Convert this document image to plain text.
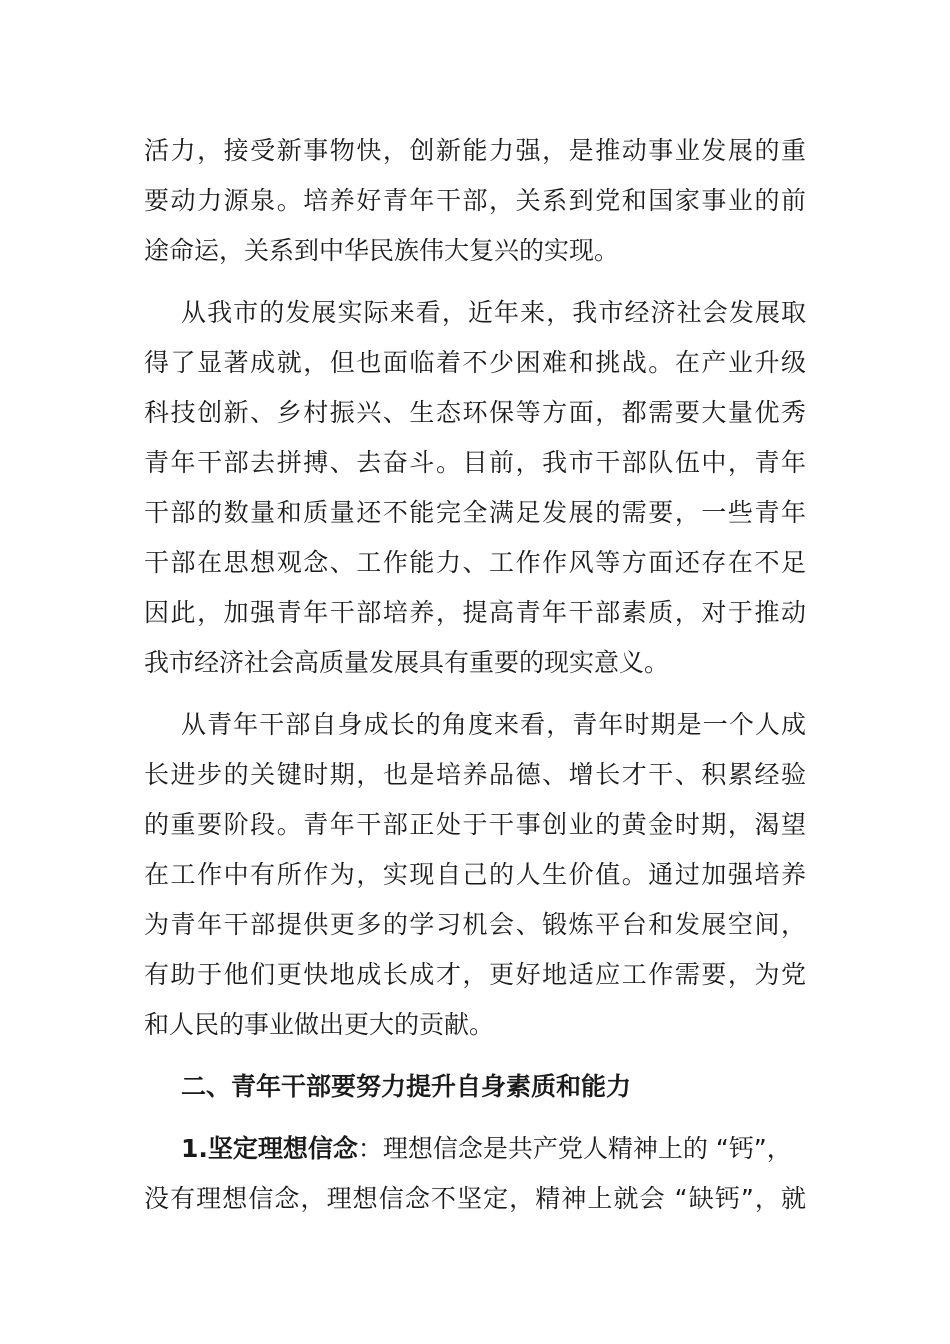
活力，接受新事物快，创新能力强，是推动事业发展的重
要动力源泉。培养好青年干部，关系到党和国家事业的前
途命运，关系到中华民族伟大复兴的实现。
从我市的发展实际来看，近年来，我市经济社会发展取
得了显著成就，但也面临着不少困难和挑战。在产业升级
科技创新、乡村振兴、生态环保等方面，都需要大量优秀
青年干部去拼搏、去奋斗。目前，我市干部队伍中，青年
干部的数量和质量还不能完全满足发展的需要，一些青年
干部在思想观念、工作能力、工作作风等方面还存在不足
因此，加强青年干部培养，提高青年干部素质，对于推动
我市经济社会高质量发展具有重要的现实意义。
从青年干部自身成长的角度来看，青年时期是一个人成
长进步的关键时期，也是培养品德、增长才干、积累经验
的重要阶段。青年干部正处于干事创业的黄金时期，渴望
在工作中有所作为，实现自己的人生价值。通过加强培养
为青年干部提供更多的学习机会、锻炼平台和发展空间，
有助于他们更快地成长成才，更好地适应工作需要，为党
和人民的事业做出更大的贡献。
二、青年干部要努力提升自身素质和能力
1.坚定理想信念：理想信念是共产党人精神上的 “钙”，
没有理想信念，理想信念不坚定，精神上就会 “缺钙”，就
